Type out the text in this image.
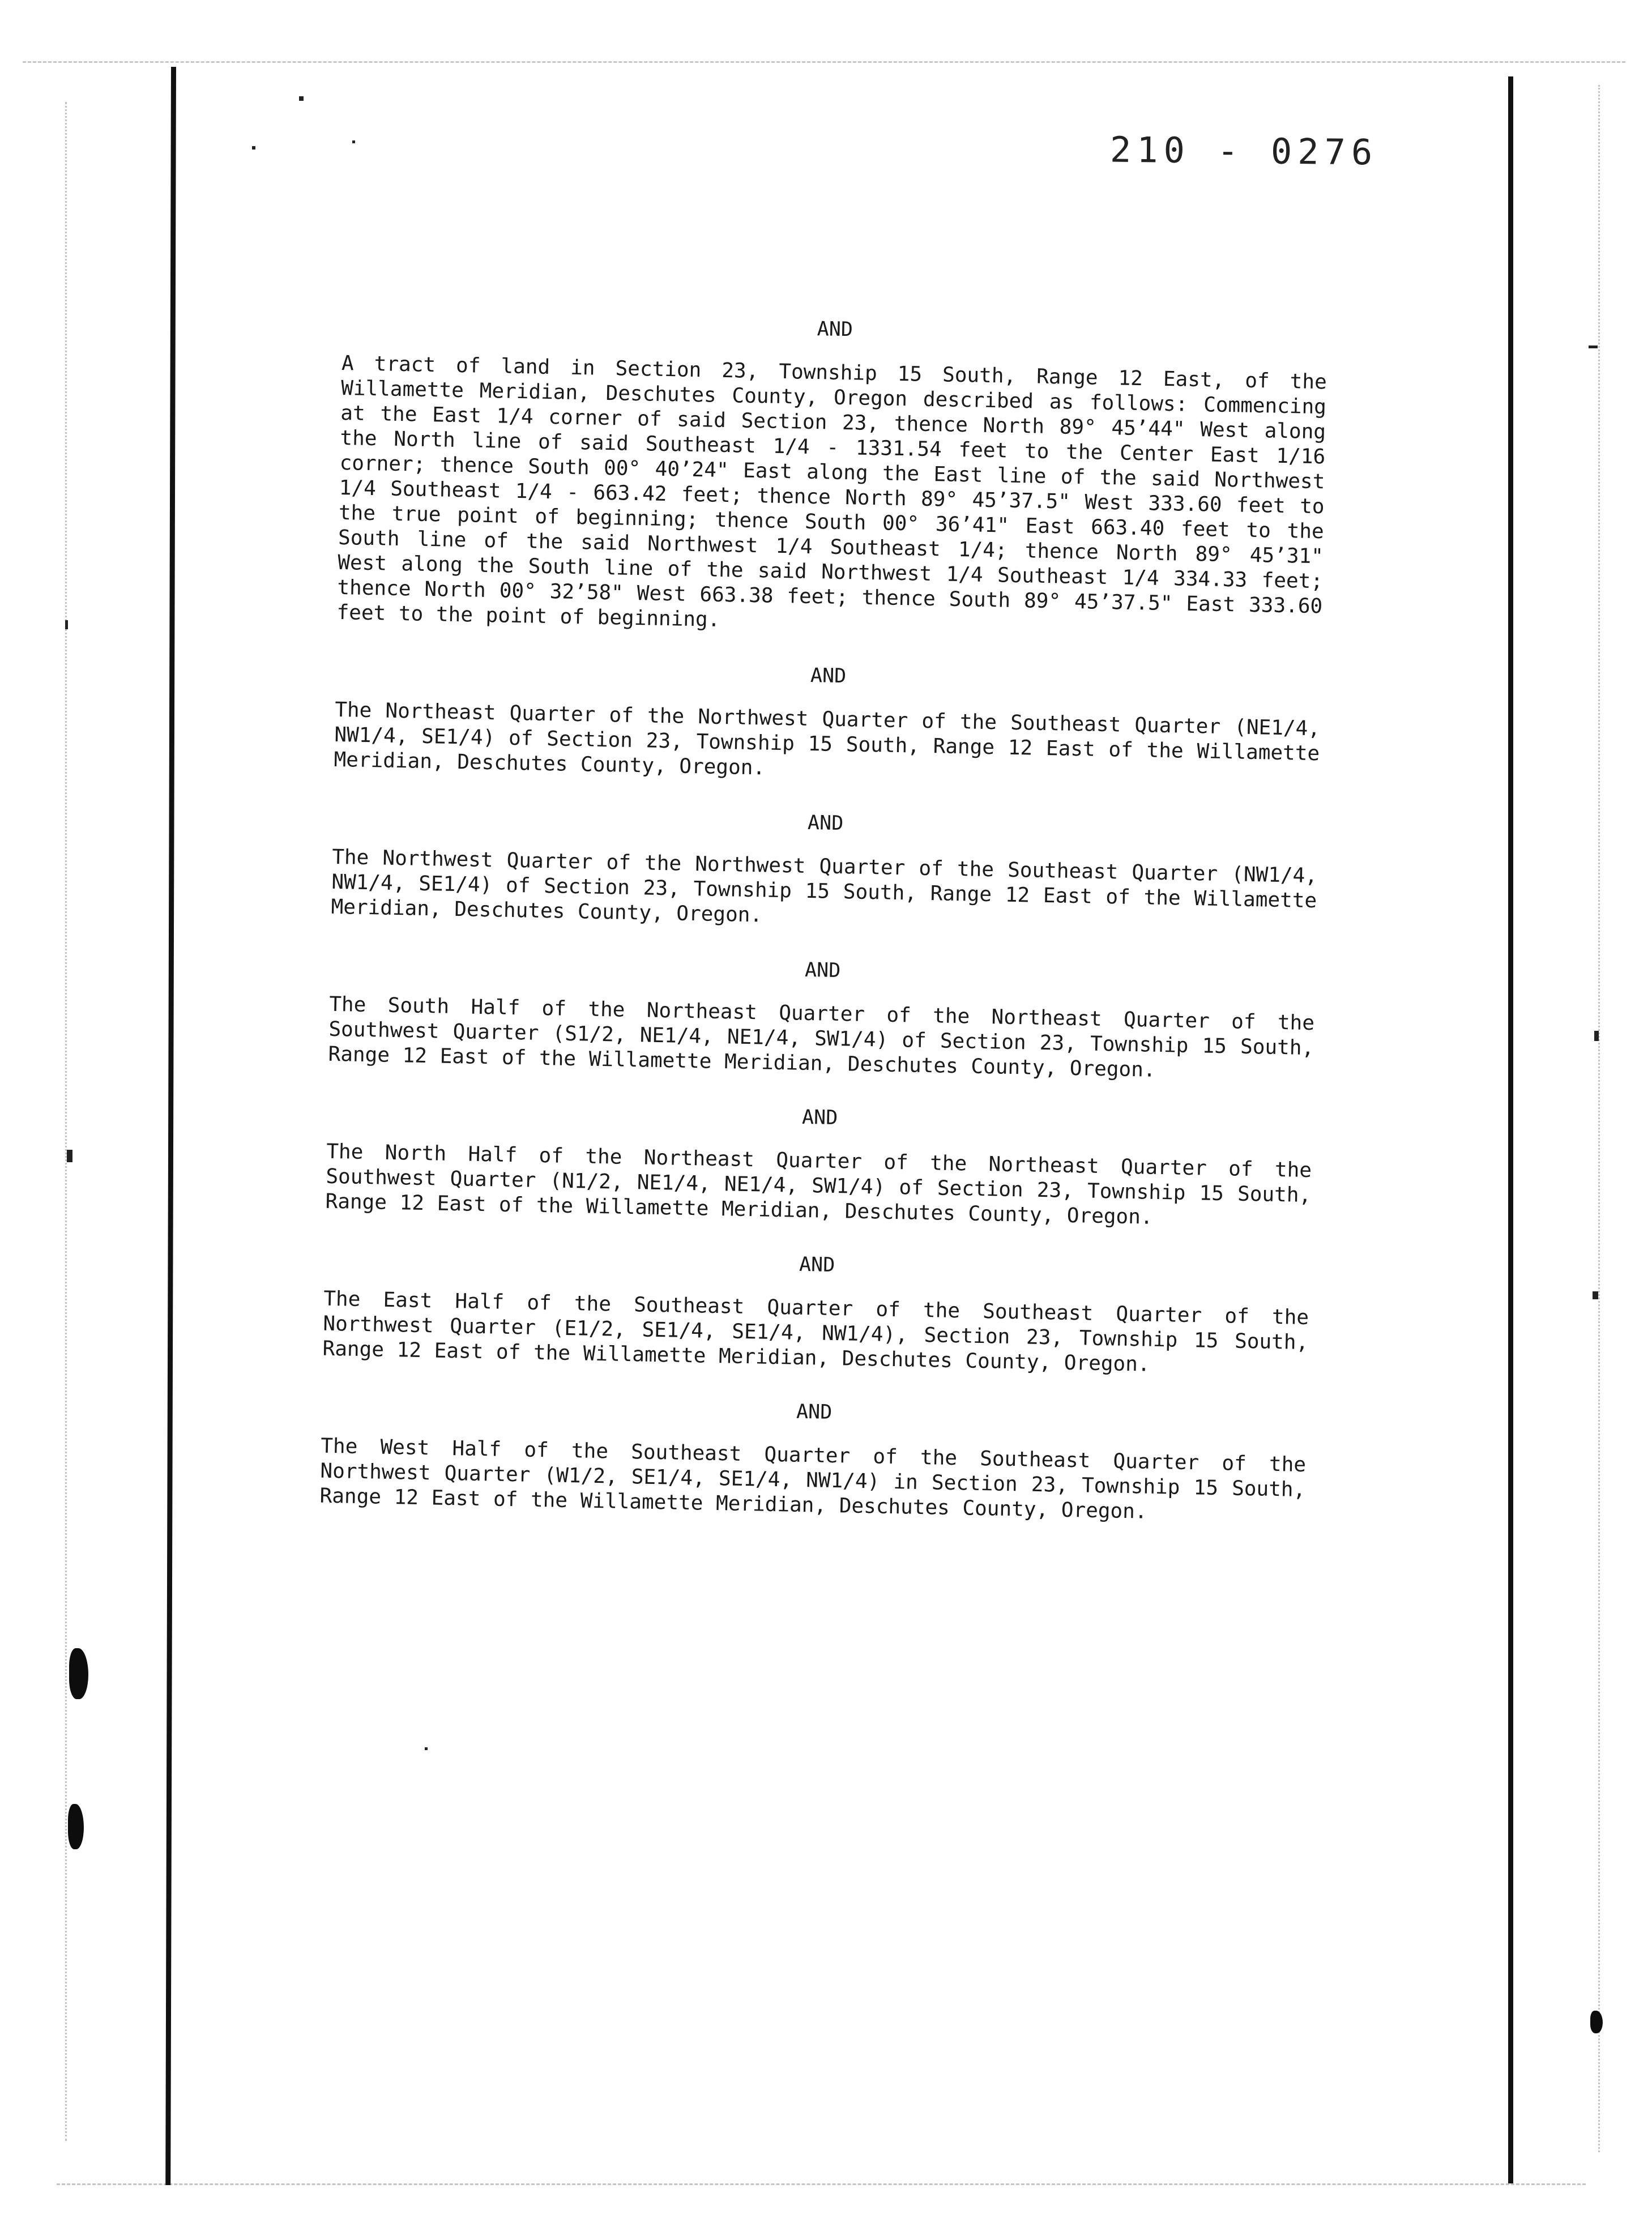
210 - 0276

AND

A tract of land in Section 23, Township 15 South, Range 12 East, of the Willamette Meridian, Deschutes County, Oregon described as follows: Commencing at the East 1/4 corner of said Section 23, thence North 89° 45’44" West along the North line of said Southeast 1/4 - 1331.54 feet to the Center East 1/16 corner; thence South 00° 40’24" East along the East line of the said Northwest 1/4 Southeast 1/4 - 663.42 feet; thence North 89° 45’37.5" West 333.60 feet to the true point of beginning; thence South 00° 36’41" East 663.40 feet to the South line of the said Northwest 1/4 Southeast 1/4; thence North 89° 45’31" West along the South line of the said Northwest 1/4 Southeast 1/4 334.33 feet; thence North 00° 32’58" West 663.38 feet; thence South 89° 45’37.5" East 333.60 feet to the point of beginning.

AND

The Northeast Quarter of the Northwest Quarter of the Southeast Quarter (NE1/4, NW1/4, SE1/4) of Section 23, Township 15 South, Range 12 East of the Willamette Meridian, Deschutes County, Oregon.

AND

The Northwest Quarter of the Northwest Quarter of the Southeast Quarter (NW1/4, NW1/4, SE1/4) of Section 23, Township 15 South, Range 12 East of the Willamette Meridian, Deschutes County, Oregon.

AND

The South Half of the Northeast Quarter of the Northeast Quarter of the Southwest Quarter (S1/2, NE1/4, NE1/4, SW1/4) of Section 23, Township 15 South, Range 12 East of the Willamette Meridian, Deschutes County, Oregon.

AND

The North Half of the Northeast Quarter of the Northeast Quarter of the Southwest Quarter (N1/2, NE1/4, NE1/4, SW1/4) of Section 23, Township 15 South, Range 12 East of the Willamette Meridian, Deschutes County, Oregon.

AND

The East Half of the Southeast Quarter of the Southeast Quarter of the Northwest Quarter (E1/2, SE1/4, SE1/4, NW1/4), Section 23, Township 15 South, Range 12 East of the Willamette Meridian, Deschutes County, Oregon.

AND

The West Half of the Southeast Quarter of the Southeast Quarter of the Northwest Quarter (W1/2, SE1/4, SE1/4, NW1/4) in Section 23, Township 15 South, Range 12 East of the Willamette Meridian, Deschutes County, Oregon.
